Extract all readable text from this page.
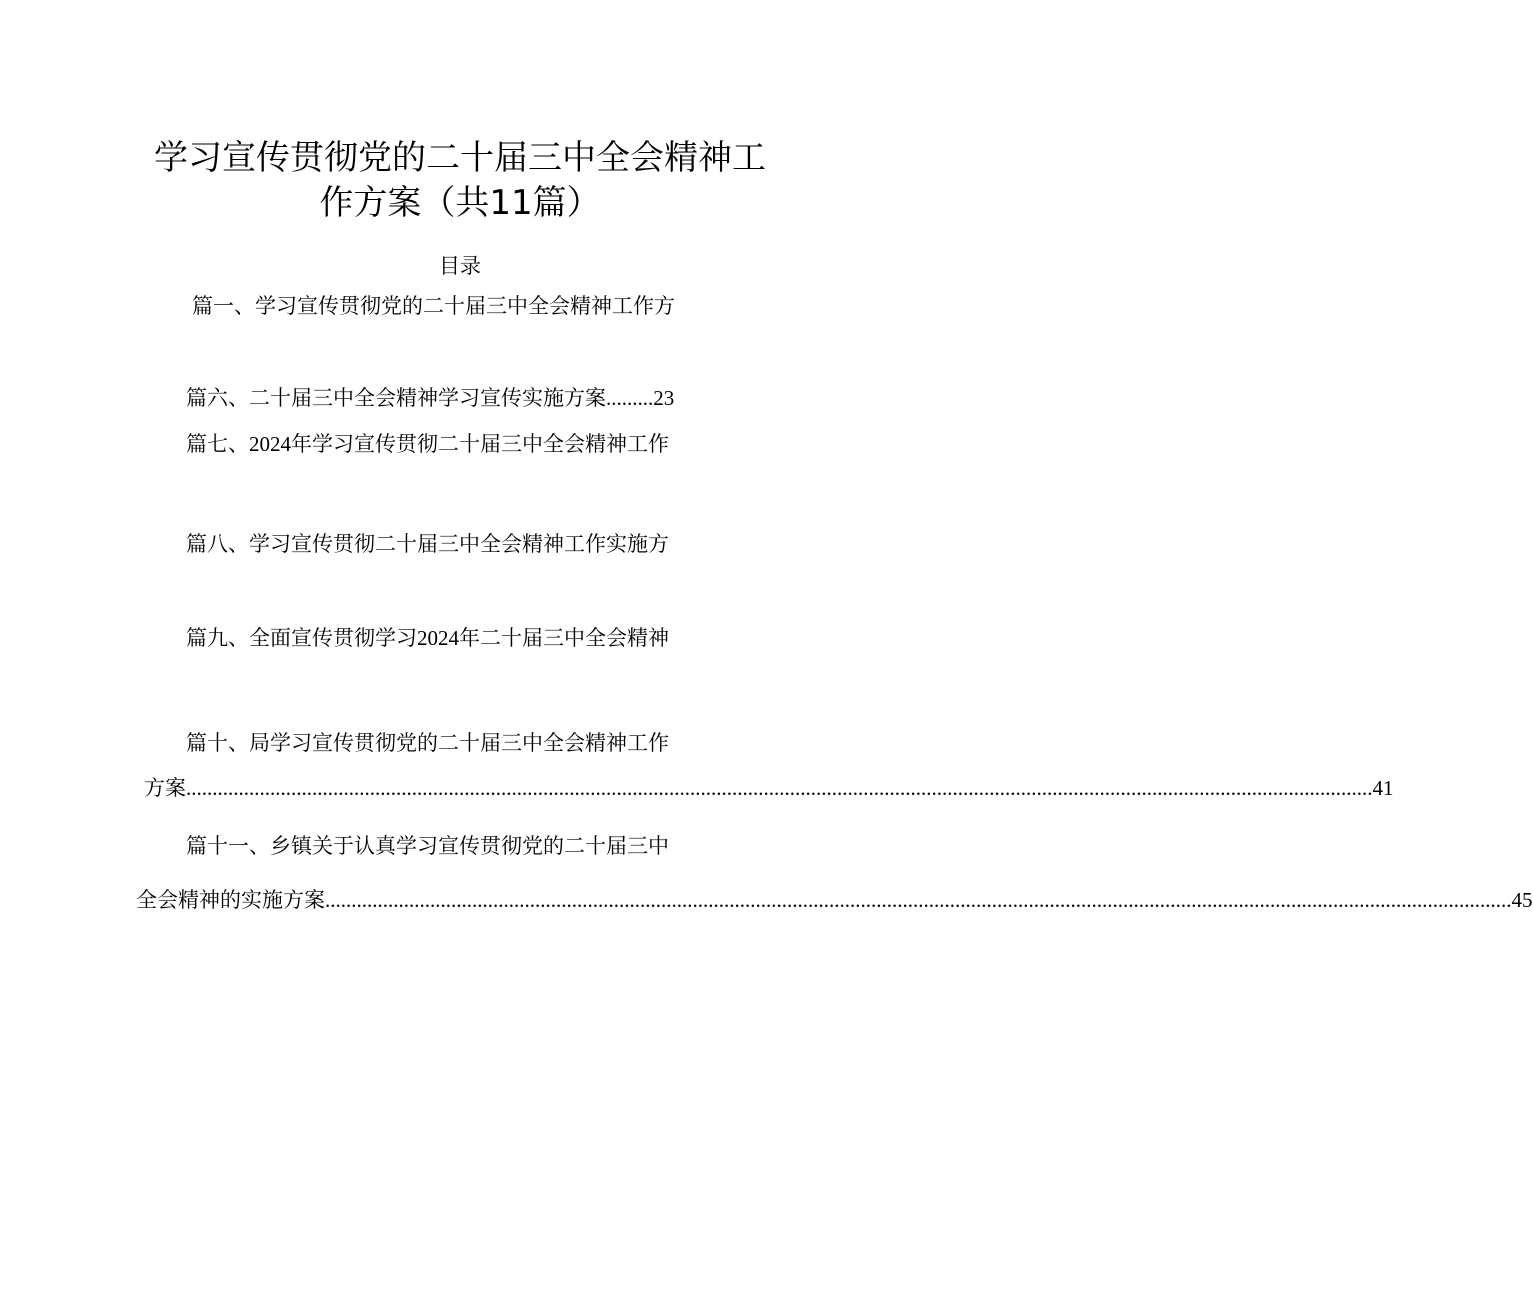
学习宣传贯彻党的二十届三中全会精神工
作方案（共11篇）
目录
篇一、学习宣传贯彻党的二十届三中全会精神工作方
篇六、二十届三中全会精神学习宣传实施方案.........23
篇七、2024年学习宣传贯彻二十届三中全会精神工作
篇八、学习宣传贯彻二十届三中全会精神工作实施方
篇九、全面宣传贯彻学习2024年二十届三中全会精神
篇十、局学习宣传贯彻党的二十届三中全会精神工作
方案 .................................................................................................................................................................................................................................. 41
篇十一、乡镇关于认真学习宣传贯彻党的二十届三中
全会精神的实施方案 .................................................................................................................................................................................................................................. 45
